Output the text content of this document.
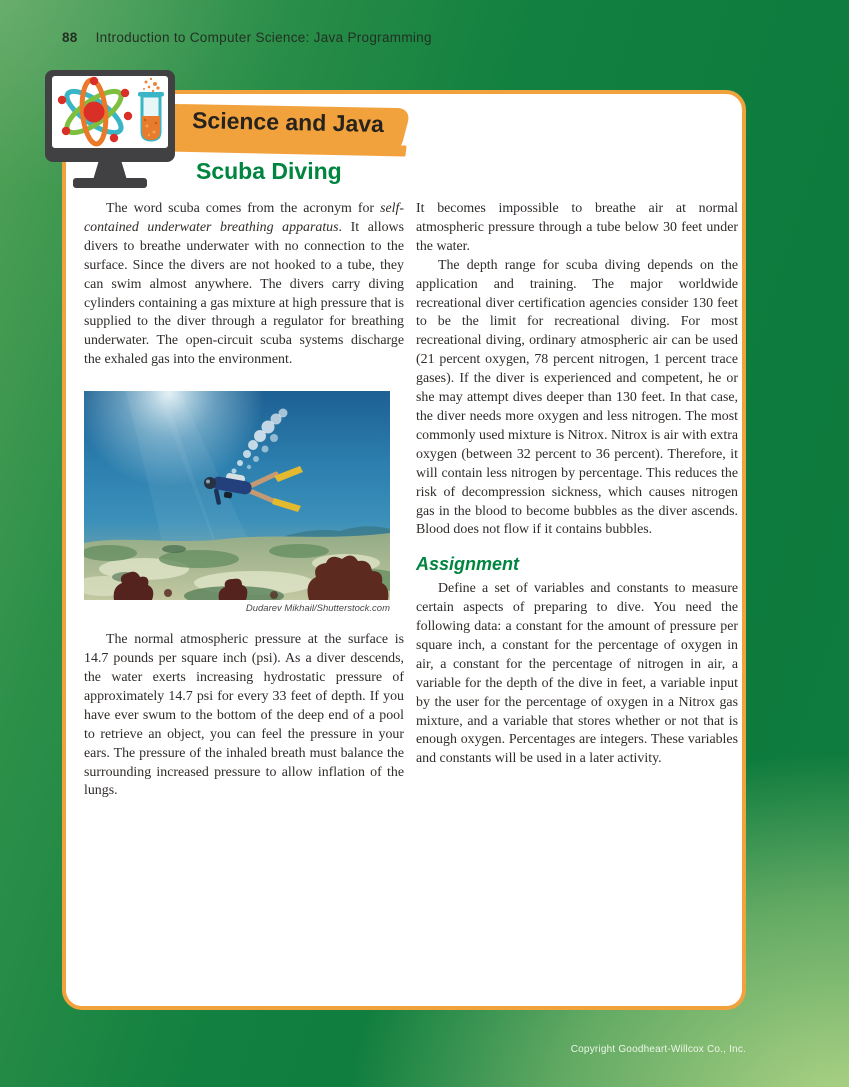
88 Introduction to Computer Science: Java Programming
Scuba Diving

The word scuba comes from the acronym for self-contained underwater breathing apparatus. It allows divers to breathe underwater with no connection to the surface. Since the divers are not hooked to a tube, they can swim almost anywhere. The divers carry diving cylinders containing a gas mixture at high pressure that is supplied to the diver through a regulator for breathing underwater. The open-circuit scuba systems discharge the exhaled gas into the environment.

Dudarev Mikhail/Shutterstock.com

The normal atmospheric pressure at the surface is 14.7 pounds per square inch (psi). As a diver descends, the water exerts increasing hydrostatic pressure of approximately 14.7 psi for every 33 feet of depth. If you have ever swum to the bottom of the deep end of a pool to retrieve an object, you can feel the pressure in your ears. The pressure of the inhaled breath must balance the surrounding increased pressure to allow inflation of the lungs.

It becomes impossible to breathe air at normal atmospheric pressure through a tube below 30 feet under the water.

The depth range for scuba diving depends on the application and training. The major worldwide recreational diver certification agencies consider 130 feet to be the limit for recreational diving. For most recreational diving, ordinary atmospheric air can be used (21 percent oxygen, 78 percent nitrogen, 1 percent trace gases). If the diver is experienced and competent, he or she may attempt dives deeper than 130 feet. In that case, the diver needs more oxygen and less nitrogen. The most commonly used mixture is Nitrox. Nitrox is air with extra oxygen (between 32 percent to 36 percent). Therefore, it will contain less nitrogen by percentage. This reduces the risk of decompression sickness, which causes nitrogen gas in the blood to become bubbles as the diver ascends. Blood does not flow if it contains bubbles.

Assignment

Define a set of variables and constants to measure certain aspects of preparing to dive. You need the following data: a constant for the amount of pressure per square inch, a constant for the percentage of oxygen in air, a constant for the percentage of nitrogen in air, a variable for the depth of the dive in feet, a variable input by the user for the percentage of oxygen in a Nitrox gas mixture, and a variable that stores whether or not that is enough oxygen. Percentages are integers. These variables and constants will be used in a later activity.

Science and Java
Copyright Goodheart-Willcox Co., Inc.
